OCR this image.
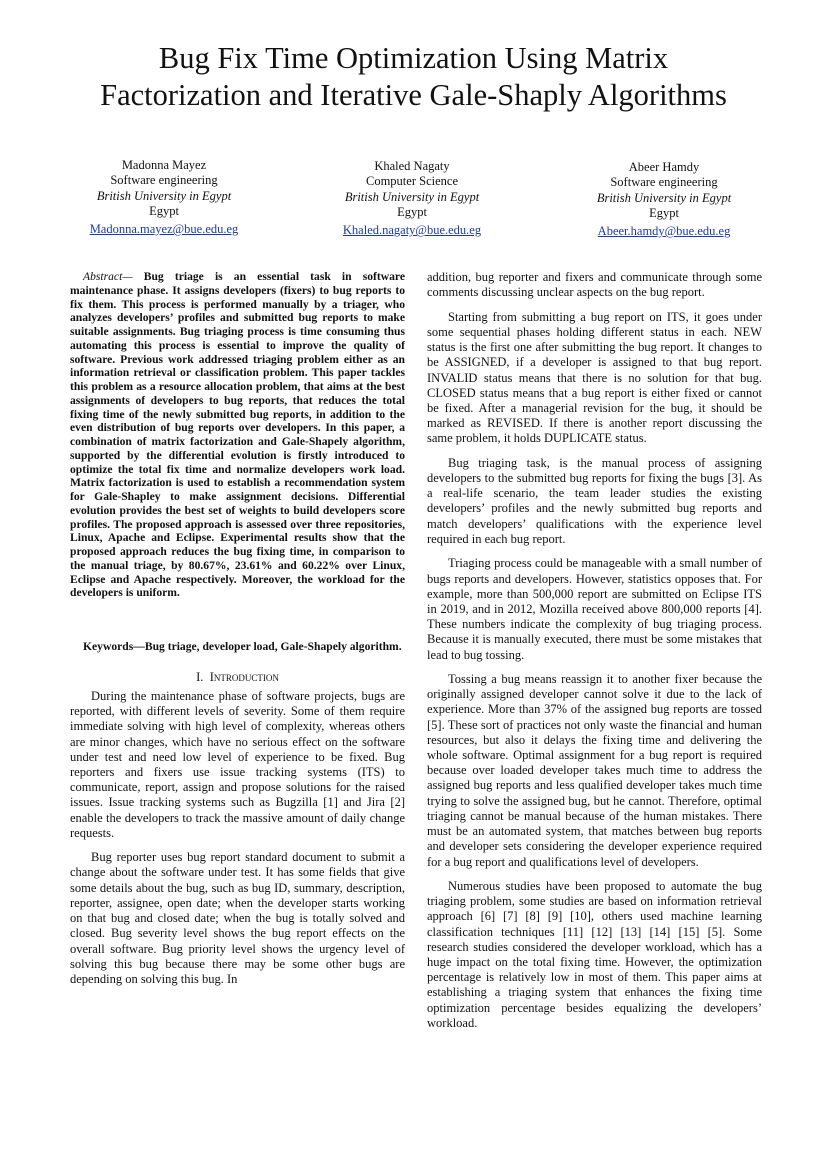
Bug Fix Time Optimization Using Matrix
Factorization and Iterative Gale-Shaply Algorithms
Madonna Mayez
Software engineering
British University in Egypt
Egypt
Madonna.mayez@bue.edu.eg
Khaled Nagaty
Computer Science
British University in Egypt
Egypt
Khaled.nagaty@bue.edu.eg
Abeer Hamdy
Software engineering
British University in Egypt
Egypt
Abeer.hamdy@bue.edu.eg

Abstract— Bug triage is an essential task in software maintenance phase. It assigns developers (fixers) to bug reports to fix them. This process is performed manually by a triager, who analyzes developers’ profiles and submitted bug reports to make suitable assignments. Bug triaging process is time consuming thus automating this process is essential to improve the quality of software. Previous work addressed triaging problem either as an information retrieval or classification problem. This paper tackles this problem as a resource allocation problem, that aims at the best assignments of developers to bug reports, that reduces the total fixing time of the newly submitted bug reports, in addition to the even distribution of bug reports over developers. In this paper, a combination of matrix factorization and Gale-Shapely algorithm, supported by the differential evolution is firstly introduced to optimize the total fix time and normalize developers work load. Matrix factorization is used to establish a recommendation system for Gale-Shapley to make assignment decisions. Differential evolution provides the best set of weights to build developers score profiles. The proposed approach is assessed over three repositories, Linux, Apache and Eclipse. Experimental results show that the proposed approach reduces the bug fixing time, in comparison to the manual triage, by 80.67%, 23.61% and 60.22% over Linux, Eclipse and Apache respectively. Moreover, the workload for the developers is uniform.

Keywords—Bug triage, developer load, Gale-Shapely algorithm.

I. Introduction

During the maintenance phase of software projects, bugs are reported, with different levels of severity. Some of them require immediate solving with high level of complexity, whereas others are minor changes, which have no serious effect on the software under test and need low level of experience to be fixed. Bug reporters and fixers use issue tracking systems (ITS) to communicate, report, assign and propose solutions for the raised issues. Issue tracking systems such as Bugzilla [1] and Jira [2] enable the developers to track the massive amount of daily change requests.

Bug reporter uses bug report standard document to submit a change about the software under test. It has some fields that give some details about the bug, such as bug ID, summary, description, reporter, assignee, open date; when the developer starts working on that bug and closed date; when the bug is totally solved and closed. Bug severity level shows the bug report effects on the overall software. Bug priority level shows the urgency level of solving this bug because there may be some other bugs are depending on solving this bug. In

addition, bug reporter and fixers and communicate through some comments discussing unclear aspects on the bug report.

Starting from submitting a bug report on ITS, it goes under some sequential phases holding different status in each. NEW status is the first one after submitting the bug report. It changes to be ASSIGNED, if a developer is assigned to that bug report. INVALID status means that there is no solution for that bug. CLOSED status means that a bug report is either fixed or cannot be fixed. After a managerial revision for the bug, it should be marked as REVISED. If there is another report discussing the same problem, it holds DUPLICATE status.

Bug triaging task, is the manual process of assigning developers to the submitted bug reports for fixing the bugs [3]. As a real-life scenario, the team leader studies the existing developers’ profiles and the newly submitted bug reports and match developers’ qualifications with the experience level required in each bug report.

Triaging process could be manageable with a small number of bugs reports and developers. However, statistics opposes that. For example, more than 500,000 report are submitted on Eclipse ITS in 2019, and in 2012, Mozilla received above 800,000 reports [4]. These numbers indicate the complexity of bug triaging process. Because it is manually executed, there must be some mistakes that lead to bug tossing.

Tossing a bug means reassign it to another fixer because the originally assigned developer cannot solve it due to the lack of experience. More than 37% of the assigned bug reports are tossed [5]. These sort of practices not only waste the financial and human resources, but also it delays the fixing time and delivering the whole software. Optimal assignment for a bug report is required because over loaded developer takes much time to address the assigned bug reports and less qualified developer takes much time trying to solve the assigned bug, but he cannot. Therefore, optimal triaging cannot be manual because of the human mistakes. There must be an automated system, that matches between bug reports and developer sets considering the developer experience required for a bug report and qualifications level of developers.

Numerous studies have been proposed to automate the bug triaging problem, some studies are based on information retrieval approach [6] [7] [8] [9] [10], others used machine learning classification techniques [11] [12] [13] [14] [15] [5]. Some research studies considered the developer workload, which has a huge impact on the total fixing time. However, the optimization percentage is relatively low in most of them. This paper aims at establishing a triaging system that enhances the fixing time optimization percentage besides equalizing the developers’ workload.
